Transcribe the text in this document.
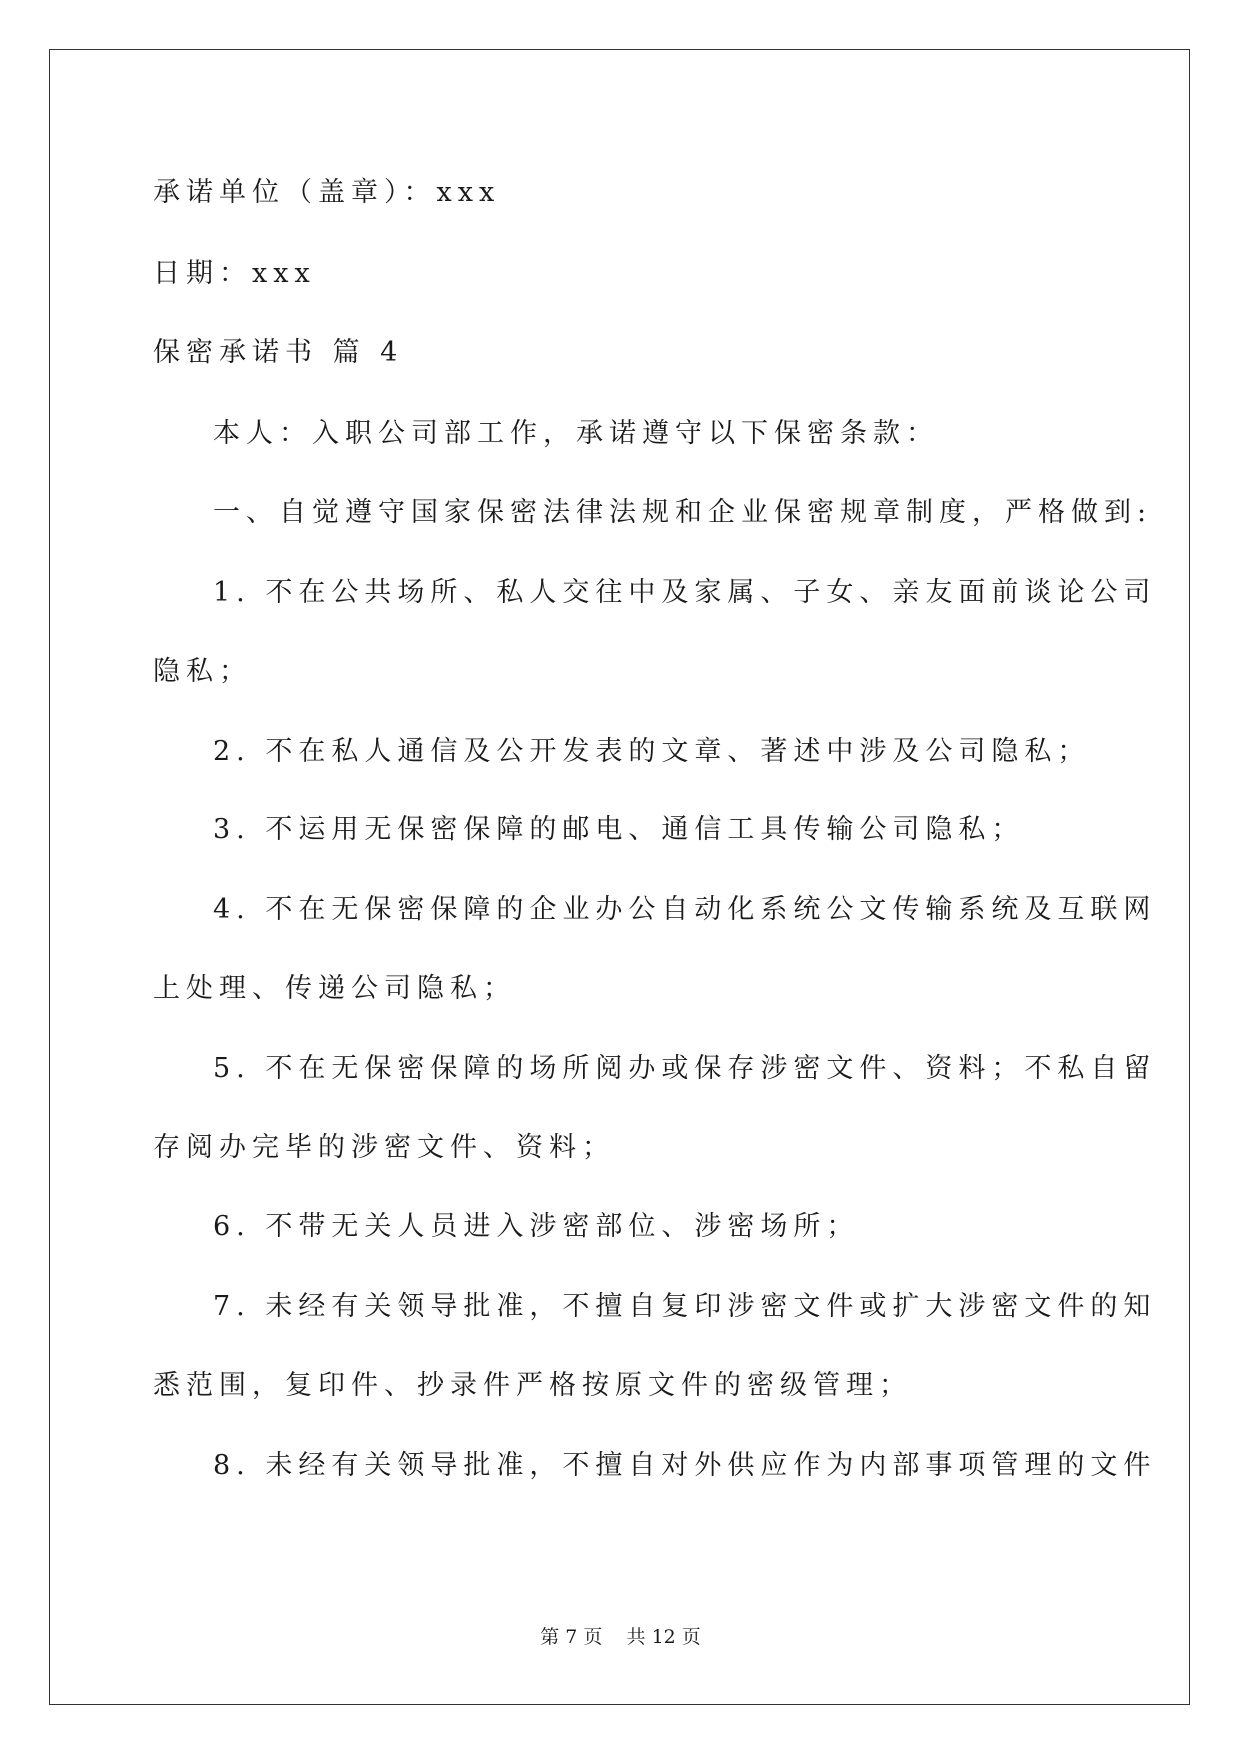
承诺单位（盖章）：xxx
日期：xxx
保密承诺书 篇 4
本人：入职公司部工作，承诺遵守以下保密条款：
一、自觉遵守国家保密法律法规和企业保密规章制度，严格做到:
1. 不在公共场所、私人交往中及家属、子女、亲友面前谈论公司
隐私；
2. 不在私人通信及公开发表的文章、著述中涉及公司隐私；
3. 不运用无保密保障的邮电、通信工具传输公司隐私；
4. 不在无保密保障的企业办公自动化系统公文传输系统及互联网
上处理、传递公司隐私；
5. 不在无保密保障的场所阅办或保存涉密文件、资料；不私自留
存阅办完毕的涉密文件、资料；
6. 不带无关人员进入涉密部位、涉密场所；
7. 未经有关领导批准，不擅自复印涉密文件或扩大涉密文件的知
悉范围，复印件、抄录件严格按原文件的密级管理；
8. 未经有关领导批准，不擅自对外供应作为内部事项管理的文件
第 7 页    共 12 页
